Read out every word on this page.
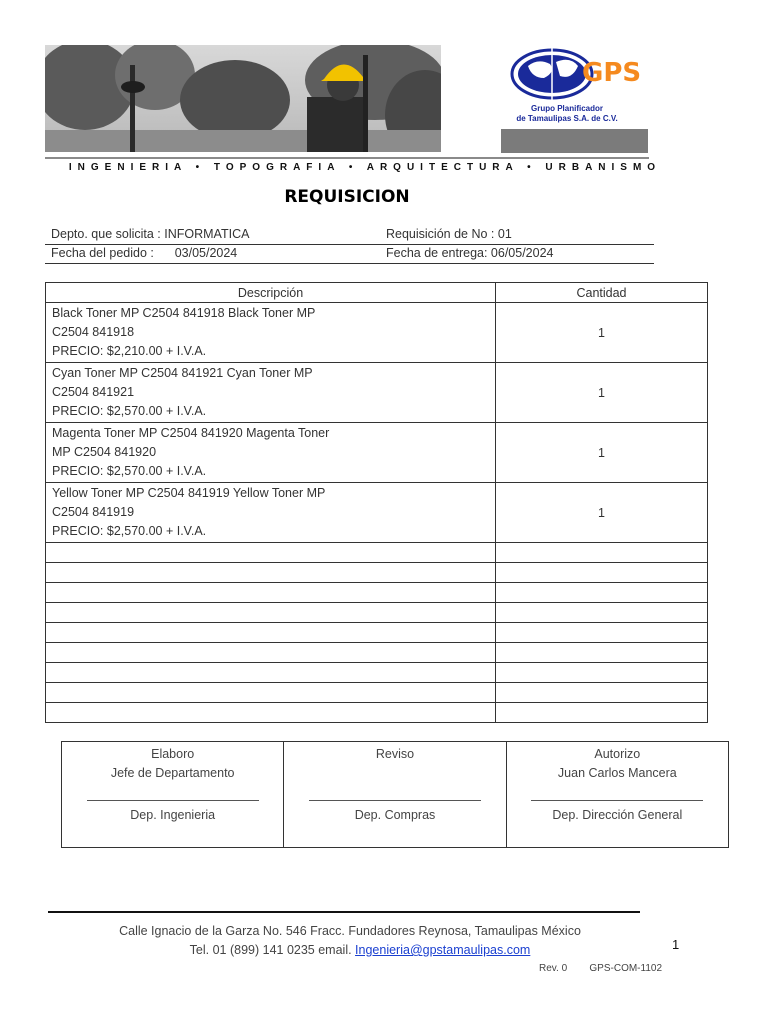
GPS
Grupo Planificador
de Tamaulipas S.A. de C.V.
INGENIERIA • TOPOGRAFIA • ARQUITECTURA • URBANISMO
REQUISICION
Depto. que solicita : INFORMATICA	Requisición de No : 01
Fecha del pedido :      03/05/2024	Fecha de entrega: 06/05/2024
Descripción	Cantidad

Black Toner MP C2504 841918 Black Toner MP
C2504 841918
PRECIO: $2,210.00 + I.V.A.	1

Cyan Toner MP C2504 841921 Cyan Toner MP
C2504 841921
PRECIO: $2,570.00 + I.V.A.	1

Magenta Toner MP C2504 841920 Magenta Toner
MP C2504 841920
PRECIO: $2,570.00 + I.V.A.	1

Yellow Toner MP C2504 841919 Yellow Toner MP
C2504 841919
PRECIO: $2,570.00 + I.V.A.	1

Elaboro
Jefe de Departamento
Dep. Ingenieria

Reviso
Dep. Compras

Autorizo
Juan Carlos Mancera
Dep. Dirección General
Calle Ignacio de la Garza No. 546 Fracc. Fundadores Reynosa, Tamaulipas México
Tel. 01 (899) 141 0235 email. Ingenieria@gpstamaulipas.com	1
Rev. 0 GPS-COM-1102
